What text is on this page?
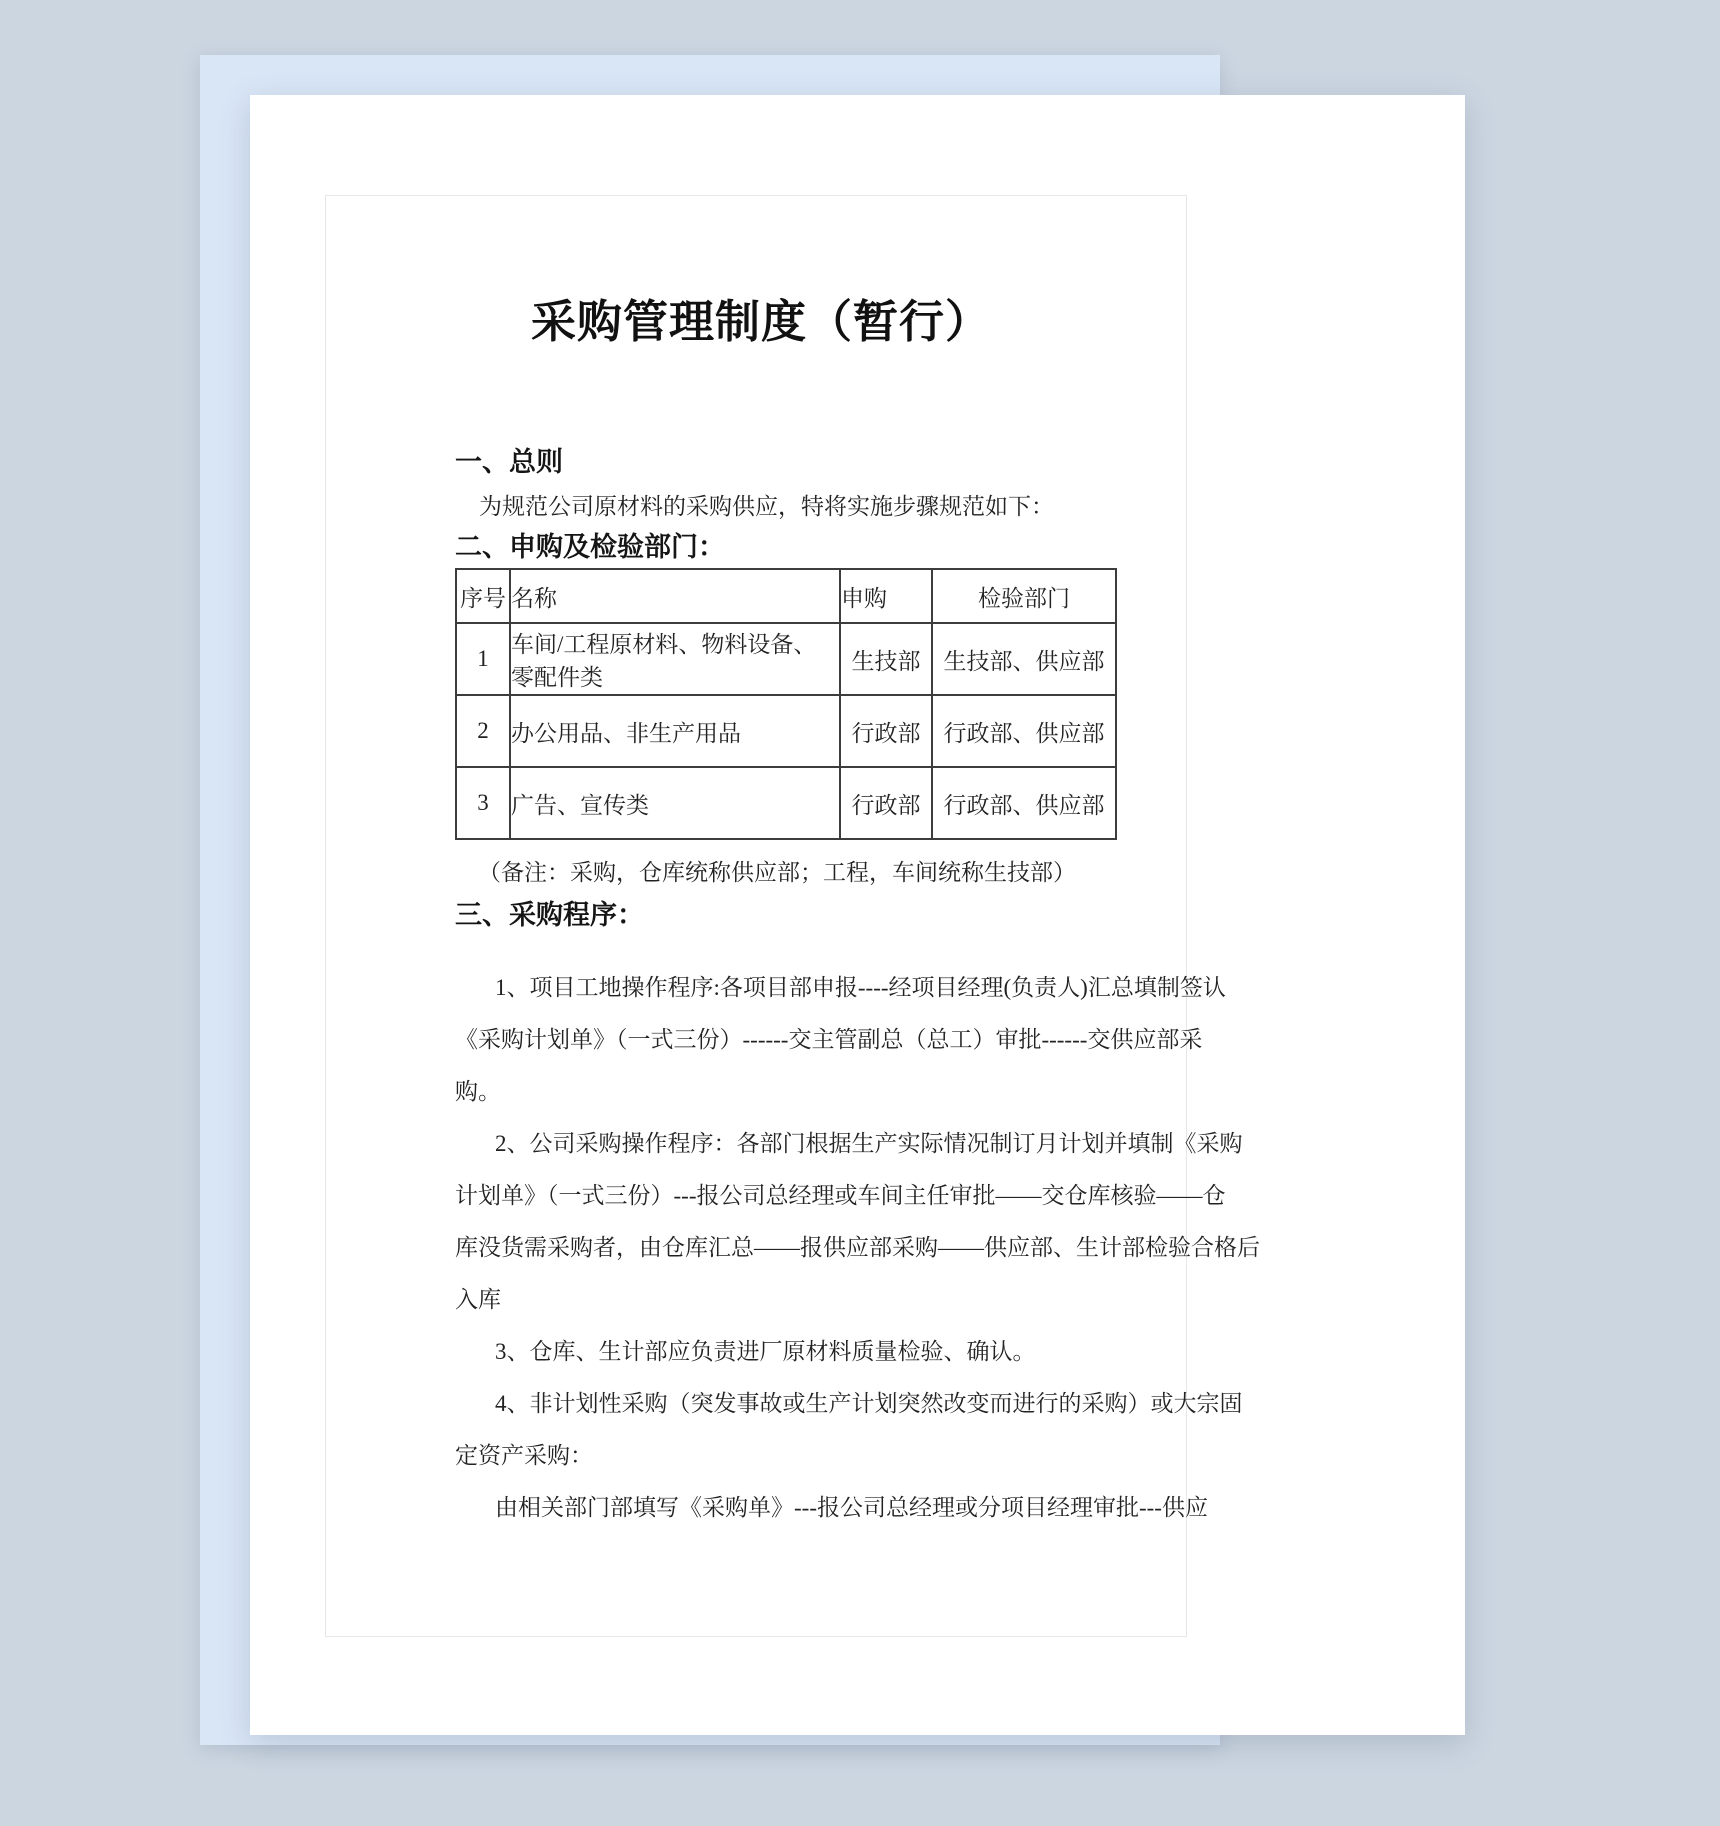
采购管理制度（暂行）
一、总则
为规范公司原材料的采购供应，特将实施步骤规范如下：
二、申购及检验部门：
序号	名称	申购	检验部门
1	车间/工程原材料、物料设备、零配件类	生技部	生技部、供应部
2	办公用品、非生产用品	行政部	行政部、供应部
3	广告、宣传类	行政部	行政部、供应部
（备注：采购，仓库统称供应部；工程，车间统称生技部）
三、采购程序：
1、项目工地操作程序:各项目部申报----经项目经理(负责人)汇总填制签认
《采购计划单》（一式三份）------交主管副总（总工）审批------交供应部采
购。
2、公司采购操作程序：各部门根据生产实际情况制订月计划并填制《采购
计划单》（一式三份）---报公司总经理或车间主任审批——交仓库核验——仓
库没货需采购者，由仓库汇总——报供应部采购——供应部、生计部检验合格后
入库
3、仓库、生计部应负责进厂原材料质量检验、确认。
4、非计划性采购（突发事故或生产计划突然改变而进行的采购）或大宗固
定资产采购：
由相关部门部填写《采购单》---报公司总经理或分项目经理审批---供应
